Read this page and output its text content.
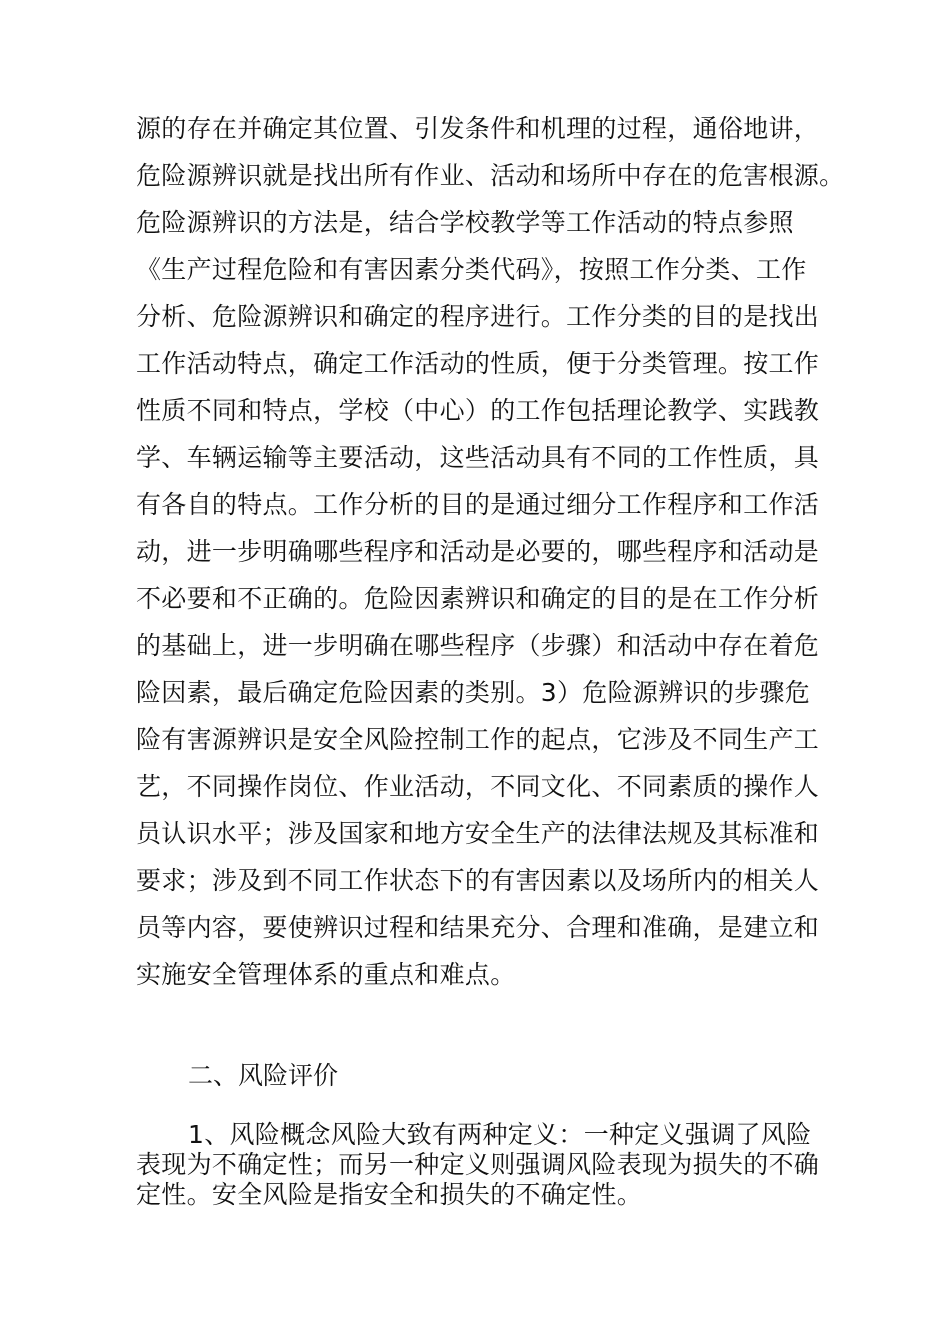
源的存在并确定其位置、引发条件和机理的过程，通俗地讲，
危险源辨识就是找出所有作业、活动和场所中存在的危害根源。
危险源辨识的方法是，结合学校教学等工作活动的特点参照
《生产过程危险和有害因素分类代码》，按照工作分类、工作
分析、危险源辨识和确定的程序进行。工作分类的目的是找出
工作活动特点，确定工作活动的性质，便于分类管理。按工作
性质不同和特点，学校（中心）的工作包括理论教学、实践教
学、车辆运输等主要活动，这些活动具有不同的工作性质，具
有各自的特点。工作分析的目的是通过细分工作程序和工作活
动，进一步明确哪些程序和活动是必要的，哪些程序和活动是
不必要和不正确的。危险因素辨识和确定的目的是在工作分析
的基础上，进一步明确在哪些程序（步骤）和活动中存在着危
险因素，最后确定危险因素的类别。3）危险源辨识的步骤危
险有害源辨识是安全风险控制工作的起点，它涉及不同生产工
艺，不同操作岗位、作业活动，不同文化、不同素质的操作人
员认识水平；涉及国家和地方安全生产的法律法规及其标准和
要求；涉及到不同工作状态下的有害因素以及场所内的相关人
员等内容，要使辨识过程和结果充分、合理和准确，是建立和
实施安全管理体系的重点和难点。
二、风险评价
1、风险概念风险大致有两种定义：一种定义强调了风险
表现为不确定性；而另一种定义则强调风险表现为损失的不确
定性。安全风险是指安全和损失的不确定性。
